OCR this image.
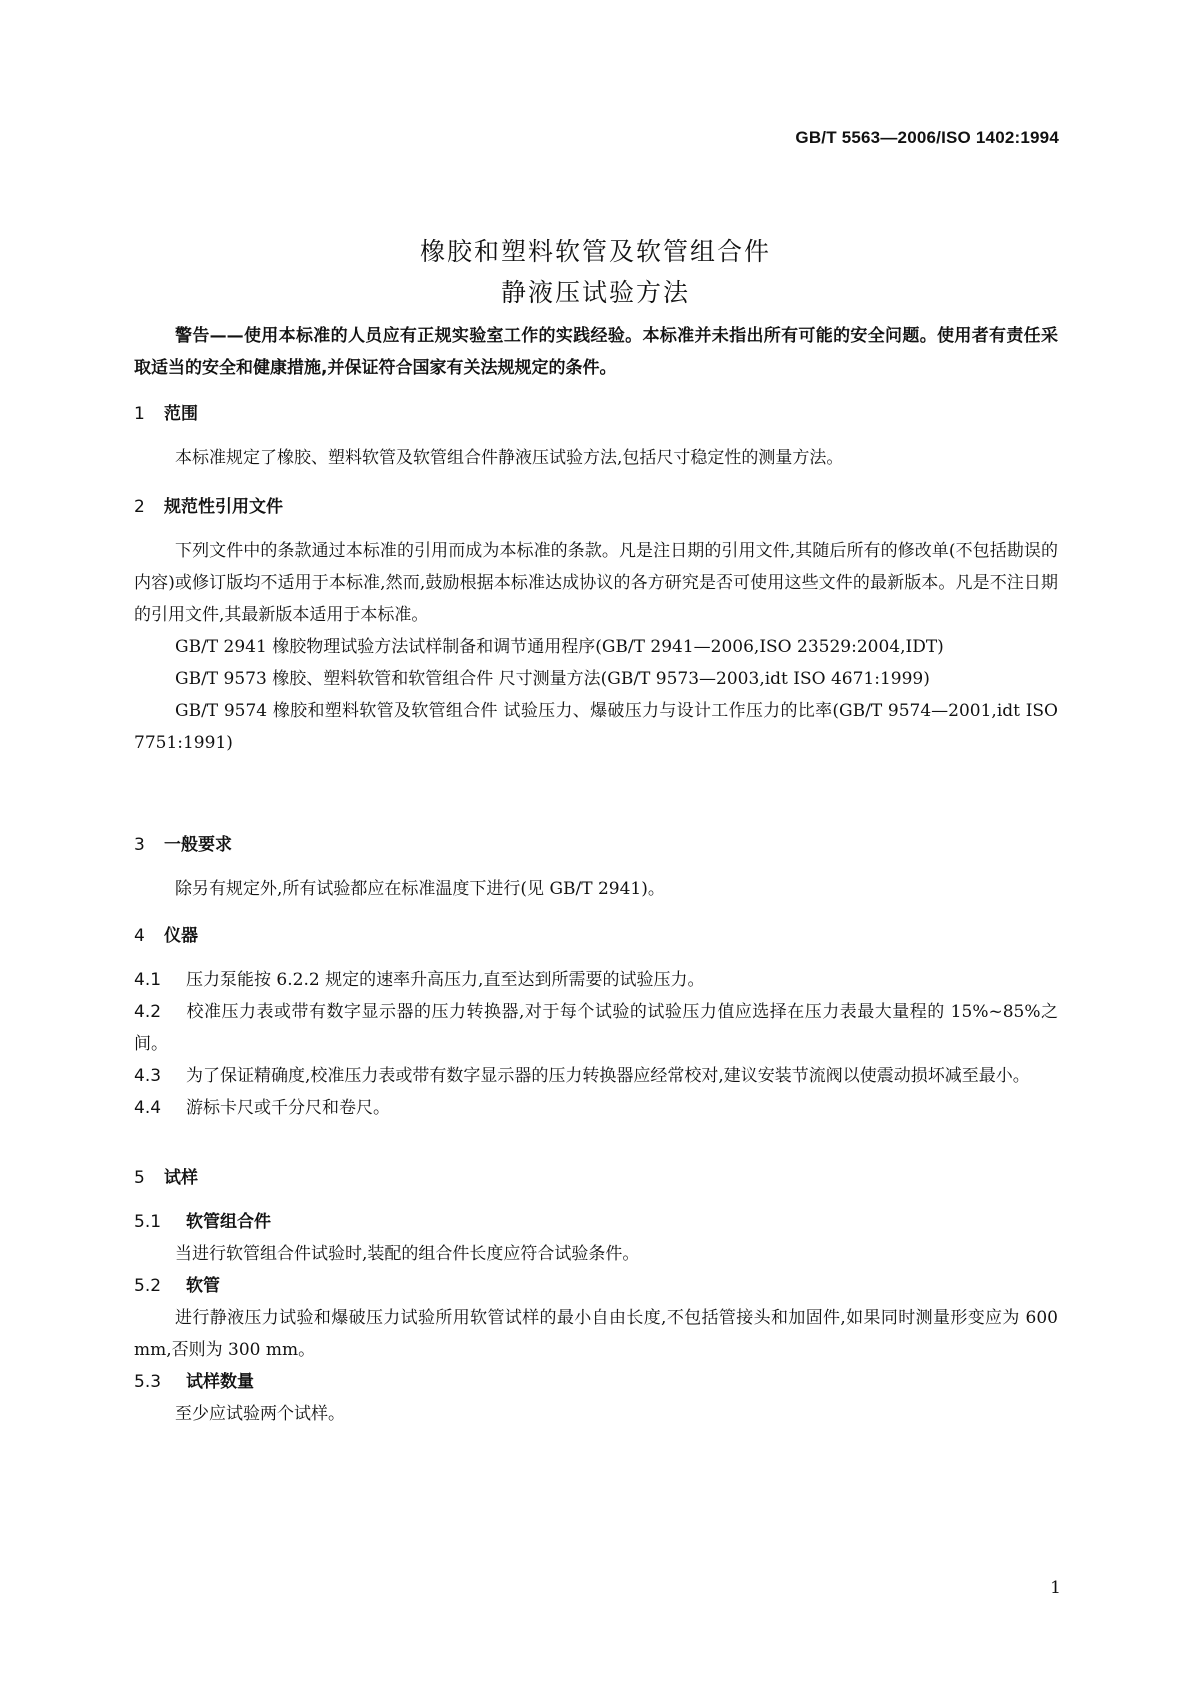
GB/T 5563—2006/ISO 1402:1994
橡胶和塑料软管及软管组合件
静液压试验方法

警告——使用本标准的人员应有正规实验室工作的实践经验。本标准并未指出所有可能的安全问题。使用者有责任采取适当的安全和健康措施,并保证符合国家有关法规规定的条件。

1 范围

本标准规定了橡胶、塑料软管及软管组合件静液压试验方法,包括尺寸稳定性的测量方法。

2 规范性引用文件

下列文件中的条款通过本标准的引用而成为本标准的条款。凡是注日期的引用文件,其随后所有的修改单(不包括勘误的内容)或修订版均不适用于本标准,然而,鼓励根据本标准达成协议的各方研究是否可使用这些文件的最新版本。凡是不注日期的引用文件,其最新版本适用于本标准。

GB/T 2941 橡胶物理试验方法试样制备和调节通用程序(GB/T 2941—2006,ISO 23529:2004,IDT)

GB/T 9573 橡胶、塑料软管和软管组合件 尺寸测量方法(GB/T 9573—2003,idt ISO 4671:1999)

GB/T 9574 橡胶和塑料软管及软管组合件 试验压力、爆破压力与设计工作压力的比率(GB/T 9574—2001,idt ISO 7751:1991)

3 一般要求

除另有规定外,所有试验都应在标准温度下进行(见 GB/T 2941)。

4 仪器

4.1 压力泵能按 6.2.2 规定的速率升高压力,直至达到所需要的试验压力。

4.2 校准压力表或带有数字显示器的压力转换器,对于每个试验的试验压力值应选择在压力表最大量程的 15%~85%之间。

4.3 为了保证精确度,校准压力表或带有数字显示器的压力转换器应经常校对,建议安装节流阀以使震动损坏减至最小。

4.4 游标卡尺或千分尺和卷尺。

5 试样

5.1 软管组合件

当进行软管组合件试验时,装配的组合件长度应符合试验条件。

5.2 软管

进行静液压力试验和爆破压力试验所用软管试样的最小自由长度,不包括管接头和加固件,如果同时测量形变应为 600 mm,否则为 300 mm。

5.3 试样数量

至少应试验两个试样。

1
